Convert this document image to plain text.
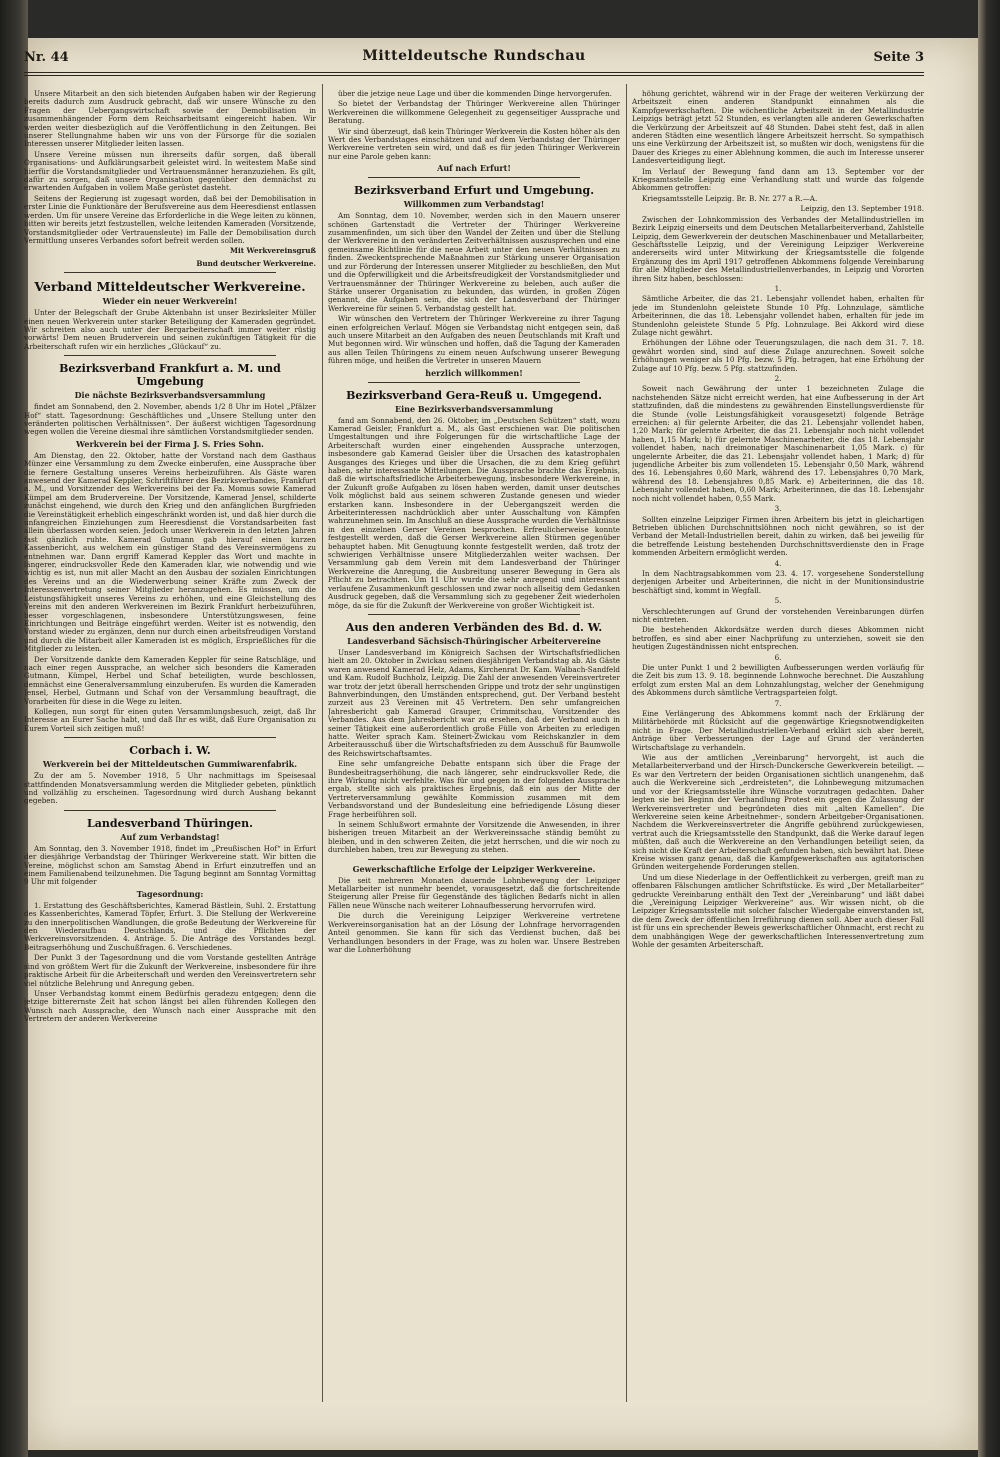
Nr. 44	Mitteldeutsche Rundschau	Seite 3
Unsere Mitarbeit an den sich bietenden Aufgaben haben wir der Regierung bereits dadurch zum Ausdruck gebracht, daß wir unsere Wünsche zu den Fragen der Uebergangswirtschaft sowie der Demobilisation in zusammenhängender Form dem Reichsarbeitsamt eingereicht haben. Wir werden weiter diesbezüglich auf die Veröffentlichung in den Zeitungen. Bei unserer Stellungnahme haben wir uns von der Fürsorge für die sozialen Interessen unserer Mitglieder leiten lassen.
Unsere Vereine müssen nun ihrerseits dafür sorgen, daß überall Organisations- und Aufklärungsarbeit geleistet wird. In weitestem Maße sind hierfür die Vorstandsmitglieder und Vertrauensmänner heranzuziehen. Es gilt, dafür zu sorgen, daß unsere Organisation gegenüber den demnächst zu erwartenden Aufgaben in vollem Maße gerüstet dasteht.
Seitens der Regierung ist zugesagt worden, daß bei der Demobilisation in erster Linie die Funktionäre der Berufsvereine aus dem Heeresdienst entlassen werden. Um für unsere Vereine das Erforderliche in die Wege leiten zu können, bitten wir bereits jetzt festzustellen, welche leitenden Kameraden (Vorsitzende, Vorstandsmitglieder oder Vertrauensleute) im Falle der Demobilisation durch Vermittlung unseres Verbandes sofort befreit werden sollen.
Mit Werkvereinsgruß
Bund deutscher Werkvereine.
Verband Mitteldeutscher Werkvereine.
Wieder ein neuer Werkverein!
Unter der Belegschaft der Grube Aktenbahn ist unser Bezirksleiter Müller einen neuen Werkverein unter starker Beteiligung der Kameraden gegründet. Wir schreiten also auch unter der Bergarbeiterschaft immer weiter rüstig vorwärts! Dem neuen Bruderverein und seinen zukünftigen Tätigkeit für die Arbeiterschaft rufen wir ein herzliches „Glückauf“ zu.
Bezirksverband Frankfurt a. M. und Umgebung
Die nächste Bezirksverbandsversammlung
findet am Sonnabend, den 2. November, abends 1/2 8 Uhr im Hotel „Pfälzer Hof“ statt. Tagesordnung: Geschäftliches und „Unsere Stellung unter den veränderten politischen Verhältnissen“. Der äußerst wichtigen Tagesordnung wegen wollen die Vereine diesmal ihre sämtlichen Vorstandsmitglieder senden.
Werkverein bei der Firma J. S. Fries Sohn.
Am Dienstag, den 22. Oktober, hatte der Vorstand nach dem Gasthaus Münzer eine Versammlung zu dem Zwecke einberufen, eine Aussprache über die fernere Gestaltung unseres Vereins herbeizuführen. Als Gäste waren anwesend der Kamerad Keppler, Schriftführer des Bezirksverbandes, Frankfurt a. M., und Vorsitzender des Werkvereins bei der Fa. Momus sowie Kamerad Kümpel am dem Brudervereine. Der Vorsitzende, Kamerad Jensel, schilderte zunächst eingehend, wie durch den Krieg und den anfänglichen Burgfrieden die Vereinstätigkeit erheblich eingeschränkt worden ist, und daß hier durch die unfangreichen Einziehungen zum Heeresdienst die Vorstandsarbeiten fast allein überlassen worden seien. Jedoch unser Werkverein in den letzten Jahren fast gänzlich ruhte. Kamerad Gutmann gab hierauf einen kurzen Kassenbericht, aus welchem ein günstiger Stand des Vereinsvermögens zu entnehmen war. Dann ergriff Kamerad Keppler das Wort und machte in längerer, eindrucksvoller Rede den Kameraden klar, wie notwendig und wie wichtig es ist, nun mit aller Macht an den Ausbau der sozialen Einrichtungen des Vereins und an die Wiederwerbung seiner Kräfte zum Zweck der Interessenvertretung seiner Mitglieder heranzugehen. Es müssen, um die Leistungsfähigkeit unseres Vereins zu erhöhen, und eine Gleichstellung des Vereins mit den anderen Werkvereinen im Bezirk Frankfurt herbeizuführen, besser vorgeschlagenen, insbesondere Unterstützungswesen, feine Einrichtungen und Beiträge eingeführt werden. Weiter ist es notwendig, den Vorstand wieder zu ergänzen, denn nur durch einen arbeitsfreudigen Vorstand und durch die Mitarbeit aller Kameraden ist es möglich, Ersprießliches für die Mitglieder zu leisten.
Der Vorsitzende dankte dem Kameraden Keppler für seine Ratschläge, und nach einer regen Aussprache, an welcher sich besonders die Kameraden Gutmann, Kümpel, Herbel und Schaf beteiligten, wurde beschlossen, demnächst eine Generalversammlung einzuberufen. Es wurden die Kameraden Jensel, Herbel, Gutmann und Schaf von der Versammlung beauftragt, die Vorarbeiten für diese in die Wege zu leiten.
Kollegen, nun sorgt für einen guten Versammlungsbesuch, zeigt, daß Ihr Interesse an Eurer Sache habt, und daß Ihr es wißt, daß Eure Organisation zu Eurem Vorteil sich zeitigen muß!
Corbach i. W.
Werkverein bei der Mitteldeutschen Gummiwarenfabrik.
Zu der am 5. November 1918, 5 Uhr nachmittags im Speisesaal stattfindenden Monatsversammlung werden die Mitglieder gebeten, pünktlich und vollzählig zu erscheinen. Tagesordnung wird durch Aushang bekannt gegeben.
Landesverband Thüringen.
Auf zum Verbandstag!
Am Sonntag, den 3. November 1918, findet im „Preußischen Hof“ in Erfurt der diesjährige Verbandstag der Thüringer Werkvereine statt. Wir bitten die Vereine, möglichst schon am Samstag Abend in Erfurt einzutreffen und an einem Familienabend teilzunehmen. Die Tagung beginnt am Sonntag Vormittag 9 Uhr mit folgender
Tagesordnung:
1. Erstattung des Geschäftsberichtes, Kamerad Bästlein, Suhl. 2. Erstattung des Kassenberichtes, Kamerad Töpfer, Erfurt. 3. Die Stellung der Werkvereine zu den innerpolitischen Wandlungen, die große Bedeutung der Werkvereine für den Wiederaufbau Deutschlands, und die Pflichten der Werkvereinsvorsitzenden. 4. Anträge. 5. Die Anträge des Vorstandes bezgl. Beitragserhöhung und Zuschußfragen. 6. Verschiedenes.
Der Punkt 3 der Tagesordnung und die vom Vorstande gestellten Anträge sind von größtem Wert für die Zukunft der Werkvereine, insbesondere für ihre praktische Arbeit für die Arbeiterschaft und werden den Vereinsvertretern sehr viel nützliche Belehrung und Anregung geben.
Unser Verbandstag kommt einem Bedürfnis geradezu entgegen; denn die jetzige bitterernste Zeit hat schon längst bei allen führenden Kollegen den Wunsch nach Aussprache, den Wunsch nach einer Aussprache mit den Vertretern der anderen Werkvereine
über die jetzige neue Lage und über die kommenden Dinge hervorgerufen.
So bietet der Verbandstag der Thüringer Werkvereine allen Thüringer Werkvereinen die willkommene Gelegenheit zu gegenseitiger Aussprache und Beratung.
Wir sind überzeugt, daß kein Thüringer Werkverein die Kosten höher als den Wert des Verbandstages einschätzen und auf dem Verbandstag der Thüringer Werkvereine vertreten sein wird, und daß es für jeden Thüringer Werkverein nur eine Parole geben kann:
Auf nach Erfurt!
Bezirksverband Erfurt und Umgebung.
Willkommen zum Verbandstag!
Am Sonntag, dem 10. November, werden sich in den Mauern unserer schönen Gartenstadt die Vertreter der Thüringer Werkvereine zusammenfinden, um sich über den Wandel der Zeiten und über die Stellung der Werkvereine in den veränderten Zeitverhältnissen auszusprechen und eine gemeinsame Richtlinie für die neue Arbeit unter den neuen Verhältnissen zu finden. Zweckentsprechende Maßnahmen zur Stärkung unserer Organisation und zur Förderung der Interessen unserer Mitglieder zu beschließen, den Mut und die Opferwilligkeit und die Arbeitsfreudigkeit der Vorstandsmitglieder und Vertrauensmänner der Thüringer Werkvereine zu beleben, auch außer die Stärke unserer Organisation zu bekunden, das würden, in großen Zügen genannt, die Aufgaben sein, die sich der Landesverband der Thüringer Werkvereine für seinen 5. Verbandstag gestellt hat.
Wir wünschen den Vertretern der Thüringer Werkvereine zu ihrer Tagung einen erfolgreichen Verlauf. Mögen sie Verbandstag nicht entgegen sein, daß auch unsere Mitarbeit an den Aufgaben des neuen Deutschlands mit Kraft und Mut begonnen wird. Wir wünschen und hoffen, daß die Tagung der Kameraden aus allen Teilen Thüringens zu einem neuen Aufschwung unserer Bewegung führen möge, und heißen die Vertreter in unseren Mauern
herzlich willkommen!
Bezirksverband Gera-Reuß u. Umgegend.
Eine Bezirksverbandsversammlung
fand am Sonnabend, den 26. Oktober, im „Deutschen Schützen“ statt, wozu Kamerad Geisler, Frankfurt a. M., als Gast erschienen war. Die politischen Umgestaltungen und ihre Folgerungen für die wirtschaftliche Lage der Arbeiterschaft wurden einer eingehenden Aussprache unterzogen, insbesondere gab Kamerad Geisler über die Ursachen des katastrophalen Ausganges des Krieges und über die Ursachen, die zu dem Krieg geführt haben, sehr interessante Mitteilungen. Die Aussprache brachte das Ergebnis, daß die wirtschaftsfriedliche Arbeiterbewegung, insbesondere Werkvereine, in der Zukunft große Aufgaben zu lösen haben werden, damit unser deutsches Volk möglichst bald aus seinem schweren Zustande genesen und wieder erstarken kann. Insbesondere in der Uebergangszeit werden die Arbeiterinteressen nachdrücklich aber unter Ausschaltung von Kämpfen wahrzunehmen sein. Im Anschluß an diese Aussprache wurden die Verhältnisse in den einzelnen Gerser Vereinen besprochen. Erfreulicherweise konnte festgestellt werden, daß die Gerser Werkvereine allen Stürmen gegenüber behauptet haben. Mit Genugtuung konnte festgestellt werden, daß trotz der schwierigen Verhältnisse unsere Mitgliederzahlen weiter wachsen. Der Versammlung gab dem Verein mit dem Landesverband der Thüringer Werkvereine die Anregung, die Ausbreitung unserer Bewegung in Gera als Pflicht zu betrachten. Um 11 Uhr wurde die sehr anregend und interessant verlaufene Zusammenkunft geschlossen und zwar noch allseitig dem Gedanken Ausdruck gegeben, daß die Versammlung sich zu gegebener Zeit wiederholen möge, da sie für die Zukunft der Werkvereine von großer Wichtigkeit ist.
Aus den anderen Verbänden des Bd. d. W.
Landesverband Sächsisch-Thüringischer Arbeitervereine
Unser Landesverband im Königreich Sachsen der Wirtschaftsfriedlichen hielt am 20. Oktober in Zwickau seinen diesjährigen Verbandstag ab. Als Gäste waren anwesend Kamerad Helz, Adams, Kirchenrat Dr. Kam. Walbach-Sandfeld und Kam. Rudolf Buchholz, Leipzig. Die Zahl der anwesenden Vereinsvertreter war trotz der jetzt überall herrschenden Grippe und trotz der sehr ungünstigen Bahnverbindungen, den Umständen entsprechend, gut. Der Verband besteht zurzeit aus 23 Vereinen mit 45 Vertretern. Den sehr umfangreichen Jahresbericht gab Kamerad Grauper, Crimmitschau, Vorsitzender des Verbandes. Aus dem Jahresbericht war zu ersehen, daß der Verband auch in seiner Tätigkeit eine außerordentlich große Fülle von Arbeiten zu erledigen hatte. Weiter sprach Kam. Steinert-Zwickau vom Reichskanzler in dem Arbeiterausschuß über die Wirtschaftsfrieden zu dem Ausschuß für Baumwolle des Reichswirtschaftsamtes.
Eine sehr umfangreiche Debatte entspann sich über die Frage der Bundesbeitragserhöhung, die nach längerer, sehr eindrucksvoller Rede, die ihre Wirkung nicht verfehlte. Was für und gegen in der folgenden Aussprache ergab, stellte sich als praktisches Ergebnis, daß ein aus der Mitte der Vertreterversammlung gewählte Kommission zusammen mit dem Verbandsvorstand und der Bundesleitung eine befriedigende Lösung dieser Frage herbeiführen soll.
In seinem Schlußwort ermahnte der Vorsitzende die Anwesenden, in ihrer bisherigen treuen Mitarbeit an der Werkvereinssache ständig bemüht zu bleiben, und in den schweren Zeiten, die jetzt herrschen, und die wir noch zu durchleben haben, treu zur Bewegung zu stehen.
Gewerkschaftliche Erfolge der Leipziger Werkvereine.
Die seit mehreren Monaten dauernde Lohnbewegung der Leipziger Metallarbeiter ist nunmehr beendet, vorausgesetzt, daß die fortschreitende Steigerung aller Preise für Gegenstände des täglichen Bedarfs nicht in allen Fällen neue Wünsche nach weiterer Lohnaufbesserung hervorrufen wird.
Die durch die Vereinigung Leipziger Werkvereine vertretene Werkvereinsorganisation hat an der Lösung der Lohnfrage hervorragenden Anteil genommen. Sie kann für sich das Verdienst buchen, daß bei Verhandlungen besonders in der Frage, was zu holen war. Unsere Bestreben war die Lohnerhöhung
höhung gerichtet, während wir in der Frage der weiteren Verkürzung der Arbeitszeit einen anderen Standpunkt einnahmen als die Kampfgewerkschaften. Die wöchentliche Arbeitszeit in der Metallindustrie Leipzigs beträgt jetzt 52 Stunden, es verlangten alle anderen Gewerkschaften die Verkürzung der Arbeitszeit auf 48 Stunden. Dabei steht fest, daß in allen anderen Städten eine wesentlich längere Arbeitszeit herrscht. So sympathisch uns eine Verkürzung der Arbeitszeit ist, so mußten wir doch, wenigstens für die Dauer des Krieges zu einer Ablehnung kommen, die auch im Interesse unserer Landesverteidigung liegt.
Im Verlauf der Bewegung fand dann am 13. September vor der Kriegsamtsstelle Leipzig eine Verhandlung statt und wurde das folgende Abkommen getroffen:
Kriegsamtsstelle Leipzig. Br. B. Nr. 277 a R.—A.
Leipzig, den 13. September 1918.
Zwischen der Lohnkommission des Verbandes der Metallindustriellen im Bezirk Leipzig einerseits und dem Deutschen Metallarbeiterverband, Zahlstelle Leipzig, dem Gewerkverein der deutschen Maschinenbauer und Metallarbeiter, Geschäftsstelle Leipzig, und der Vereinigung Leipziger Werkvereine andererseits wird unter Mitwirkung der Kriegsamtsstelle die folgende Ergänzung des im April 1917 getroffenen Abkommens folgende Vereinbarung für alle Mitglieder des Metallindustriellenverbandes, in Leipzig und Vororten ihren Sitz haben, beschlossen:
1.
Sämtliche Arbeiter, die das 21. Lebensjahr vollendet haben, erhalten für jede im Stundenlohn geleistete Stunde 10 Pfg. Lohnzulage, sämtliche Arbeiterinnen, die das 18. Lebensjahr vollendet haben, erhalten für jede im Stundenlohn geleistete Stunde 5 Pfg. Lohnzulage. Bei Akkord wird diese Zulage nicht gewährt.
Erhöhungen der Löhne oder Teuerungszulagen, die nach dem 31. 7. 18. gewährt worden sind, sind auf diese Zulage anzurechnen. Soweit solche Erhöhungen weniger als 10 Pfg. bezw. 5 Pfg. betragen, hat eine Erhöhung der Zulage auf 10 Pfg. bezw. 5 Pfg. stattzufinden.
2.
Soweit nach Gewährung der unter 1 bezeichneten Zulage die nachstehenden Sätze nicht erreicht werden, hat eine Aufbesserung in der Art stattzufinden, daß die mindestens zu gewährenden Einstellungsverdienste für die Stunde (volle Leistungsfähigkeit vorausgesetzt) folgende Beträge erreichen: a) für gelernte Arbeiter, die das 21. Lebensjahr vollendet haben, 1,20 Mark; für gelernte Arbeiter, die das 21. Lebensjahr noch nicht vollendet haben, 1,15 Mark; b) für gelernte Maschinenarbeiter, die das 18. Lebensjahr vollendet haben, nach dreimonatiger Maschinenarbeit 1,05 Mark. c) für ungelernte Arbeiter, die das 21. Lebensjahr vollendet haben, 1 Mark; d) für jugendliche Arbeiter bis zum vollendeten 15. Lebensjahr 0,50 Mark, während des 16. Lebensjahres 0,60 Mark, während des 17. Lebensjahres 0,70 Mark, während des 18. Lebensjahres 0,85 Mark. e) Arbeiterinnen, die das 18. Lebensjahr vollendet haben, 0,60 Mark; Arbeiterinnen, die das 18. Lebensjahr noch nicht vollendet haben, 0,55 Mark.
3.
Sollten einzelne Leipziger Firmen ihren Arbeitern bis jetzt in gleichartigen Betrieben üblichen Durchschnittslöhnen noch nicht gewähren, so ist der Verband der Metall-Industriellen bereit, dahin zu wirken, daß bei jeweilig für die betreffende Leistung bestehenden Durchschnittsverdienste den in Frage kommenden Arbeitern ermöglicht werden.
4.
In dem Nachtragsabkommen vom 23. 4. 17. vorgesehene Sonderstellung derjenigen Arbeiter und Arbeiterinnen, die nicht in der Munitionsindustrie beschäftigt sind, kommt in Wegfall.
5.
Verschlechterungen auf Grund der vorstehenden Vereinbarungen dürfen nicht eintreten.
Die bestehenden Akkordsätze werden durch dieses Abkommen nicht betroffen, es sind aber einer Nachprüfung zu unterziehen, soweit sie den heutigen Zugeständnissen nicht entsprechen.
6.
Die unter Punkt 1 und 2 bewilligten Aufbesserungen werden vorläufig für die Zeit bis zum 13. 9. 18. beginnende Lohnwoche berechnet. Die Auszahlung erfolgt zum ersten Mal an dem Lohnzahlungstag, welcher der Genehmigung des Abkommens durch sämtliche Vertragsparteien folgt.
7.
Eine Verlängerung des Abkommens kommt nach der Erklärung der Militärbehörde mit Rücksicht auf die gegenwärtige Kriegsnotwendigkeiten nicht in Frage. Der Metallindustriellen-Verband erklärt sich aber bereit, Anträge über Verbesserungen der Lage auf Grund der veränderten Wirtschaftslage zu verhandeln.
Wie aus der amtlichen „Vereinbarung“ hervorgeht, ist auch die Metallarbeiterverband und der Hirsch-Dunckersche Gewerkverein beteiligt. — Es war den Vertretern der beiden Organisationen sichtlich unangenehm, daß auch die Werkvereine sich „erdreisteten“, die Lohnbewegung mitzumachen und vor der Kriegsamtsstelle ihre Wünsche vorzutragen gedachten. Daher legten sie bei Beginn der Verhandlung Protest ein gegen die Zulassung der Werkvereinsvertreter und begründeten dies mit „alten Kamellen“. Die Werkvereine seien keine Arbeitnehmer-, sondern Arbeitgeber-Organisationen. Nachdem die Werkvereinsvertreter die Angriffe gebührend zurückgewiesen, vertrat auch die Kriegsamtsstelle den Standpunkt, daß die Werke darauf legen müßten, daß auch die Werkvereine an den Verhandlungen beteiligt seien, da sich nicht die Kraft der Arbeiterschaft gefunden haben, sich bewährt hat. Diese Kreise wissen ganz genau, daß die Kampfgewerkschaften aus agitatorischen Gründen weitergehende Forderungen stellen.
Und um diese Niederlage in der Oeffentlichkeit zu verbergen, greift man zu offenbaren Fälschungen amtlicher Schriftstücke. Es wird „Der Metallarbeiter“ gedruckte Vereinbarung enthält den Text der „Vereinbarung“ und läßt dabei die „Vereinigung Leipziger Werkvereine“ aus. Wir wissen nicht, ob die Leipziger Kriegsamtsstelle mit solcher falscher Wiedergabe einverstanden ist, die dem Zweck der öffentlichen Irreführung dienen soll. Aber auch dieser Fall ist für uns ein sprechender Beweis gewerkschaftlicher Ohnmacht, erst recht zu dem unabhängigen Wege der gewerkschaftlichen Interessenvertretung zum Wohle der gesamten Arbeiterschaft.
